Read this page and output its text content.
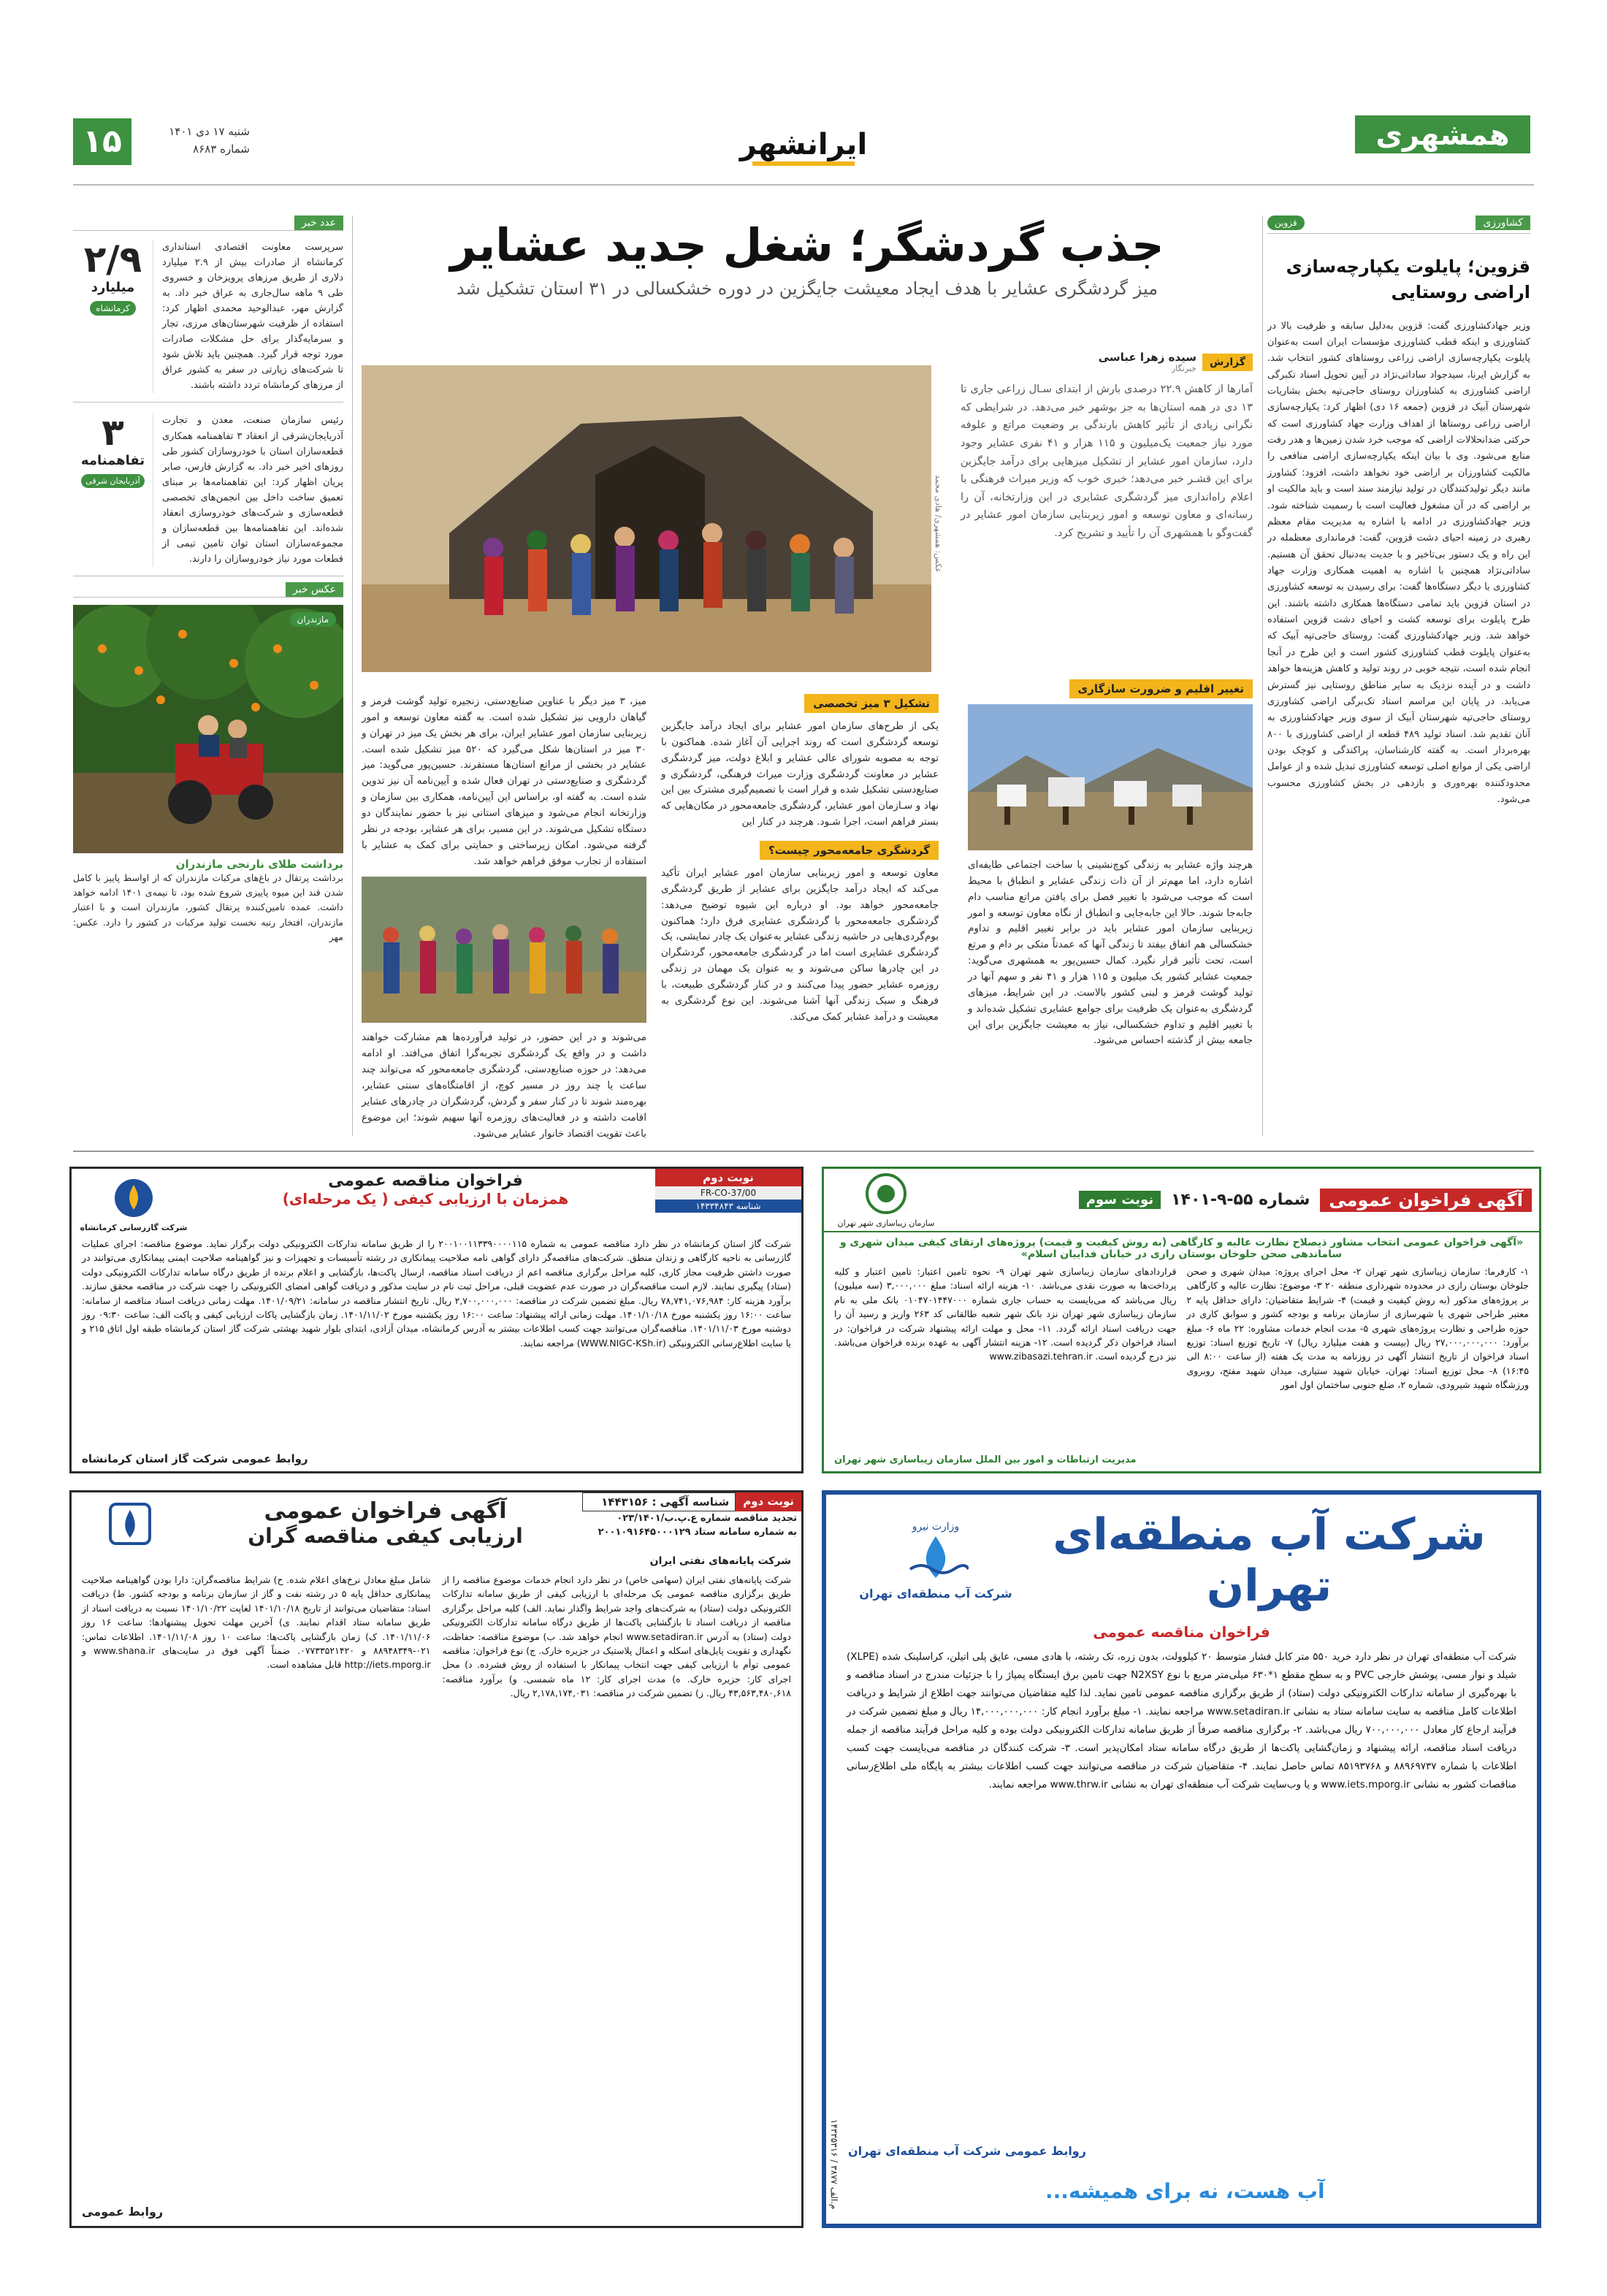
همشهری
ایرانشهر
۱۵	شنبه ۱۷ دی ۱۴۰۱
شماره ۸۶۸۳
کشاورزی
قزوین
قزوین؛ پایلوت یکپارچه‌سازی اراضی روستایی
وزیر جهادکشاورزی گفت: قزوین به‌دلیل سابقه و ظرفیت بالا در کشاورزی و اینکه قطب کشاورزی مؤسسات ایران است به‌عنوان پایلوت یکپارچه‌سازی اراضی زراعی روستاهای کشور انتخاب شد. به گزارش ایرنا، سید‌جواد ساداتی‌نژاد در آیین تحویل اسناد تکبرگی اراضی کشاورزی به کشاورزان روستای حاجی‌تپه بخش بشاریات شهرستان آبیک در قزوین (جمعه ۱۶ دی) اظهار کرد: یکپارچه‌سازی اراضی زراعی روستاها از اهداف وزارت جهاد کشاورزی است که حرکتی ضدانحلالات اراضی که موجب خرد شدن زمین‌ها و هدر رفت منابع می‌شود. وی با بیان اینکه یکپارچه‌سازی اراضی منافعی را مالکیت کشاورزان بر اراضی خود نخواهد داشت، افزود: کشاورز مانند دیگر تولیدکنندگان در تولید نیازمند سند است و باید مالکیت او بر اراضی که در آن مشغول فعالیت است با رسمیت شناخته شود. وزیر جهادکشاورزی در ادامه با اشاره به مدیریت مقام معظم رهبری در زمینه احیای دشت قزوین، گفت: فرمانداری معظمله در این راه و یک دستور بی‌تاخیر و با جدیت به‌دنبال تحقق آن هستیم. ساداتی‌نژاد همچنین با اشاره به اهمیت همکاری وزارت جهاد کشاورزی با دیگر دستگاه‌ها گفت: برای رسیدن به توسعه کشاورزی در استان قزوین باید تمامی دستگاه‌ها همکاری داشته باشند. این طرح پایلوت برای توسعه کشت و احیای دشت قزوین استفاده خواهد شد. وزیر جهادکشاورزی گفت: روستای حاجی‌تپه آبیک که به‌عنوان پایلوت قطب کشاورزی کشور است و این طرح در آنجا انجام شده است، نتیجه خوبی در روند تولید و کاهش هزینه‌ها خواهد داشت و در آینده نزدیک به سایر مناطق روستایی نیز گسترش می‌یابد. در پایان این مراسم اسناد تک‌برگی اراضی کشاورزی روستای حاجی‌تپه شهرستان آبیک از سوی وزیر جهادکشاورزی به آنان تقدیم شد. اسناد تولید ۴۸۹ قطعه از اراضی کشاورزی با ۸۰۰ بهره‌بردار است. به گفته کارشناسان، پراکندگی و کوچک بودن اراضی یکی از موانع اصلی توسعه کشاورزی تبدیل شده و از عوامل محدودکننده بهره‌وری و بازدهی در بخش کشاورزی محسوب می‌شود.
عدد خبر
سرپرست معاونت اقتصادی استانداری کرمانشاه از صادرات بیش از ۲.۹ میلیارد دلاری از طریق مرزهای پرویزخان و خسروی طی ۹ ماهه سال‌جاری به عراق خبر داد. به گزارش مهر، عبدالوحید محمدی اظهار کرد: استفاده از ظرفیت شهرستان‌های مرزی، تجار و سرمایه‌گذار برای حل مشکلات صادرات مورد توجه قرار گیرد. همچنین باید تلاش شود تا شرکت‌های زیارتی در سفر به کشور عراق از مرزهای کرمانشاه تردد داشته باشند.
۲/۹
میلیارد
کرمانشاه
رئیس سازمان صنعت، معدن و تجارت آذربایجان‌شرقی از انعقاد ۳ تفاهمنامه همکاری قطعه‌سازان استان با خودروسازان کشور طی روزهای اخیر خبر داد. به گزارش فارس، صابر پریان اظهار کرد: این تفاهمنامه‌ها بر مبنای تعمیق ساخت داخل بین انجمن‌های تخصصی قطعه‌سازی و شرکت‌های خودروسازی انعقاد شده‌اند. این تفاهمنامه‌ها بین قطعه‌سازان و مجموعه‌سازان استان توان تامین تیمی از قطعات مورد نیاز خودروسازان را دارند.
۳
تفاهمنامه
آذربایجان شرقی
عکس خبر
مازندران
برداشت طلای نارنجی مازندران
برداشت پرتقال در باغ‌های مرکبات مازندران که از اواسط پاییز با کامل شدن قند این میوه پاییزی شروع شده بود، تا نیمه‌ی ۱۴۰۱ ادامه خواهد داشت. عمده تامین‌کننده پرتقال کشور، مازندران است و با اعتبار مازندران، افتخار رتبه نخست تولید مرکبات در کشور را دارد. عکس: مهر
جذب گردشگر؛ شغل جدید عشایر
میز گردشگری عشایر با هدف ایجاد معیشت جایگزین در دوره خشکسالی در ۳۱ استان تشکیل شد
گزارش
سیده زهرا عباسی
خبرنگار
آمارها از کاهش ۲۲.۹ درصدی بارش از ابتدای سـال زراعی جاری تا ۱۳ دی در همه استان‌ها به جز بوشهر خبر می‌دهد. در شرایطی که نگرانی زیادی از تأثیر کاهش بارندگی بر وضعیت مراتع و علوفه مورد نیاز جمعیت یک‌میلیون و ۱۱۵ هزار و ۴۱ نفری عشایر وجود دارد، سازمان امور عشایر از تشکیل میزهایی برای درآمد جایگزین برای این قشـر خبر می‌دهد؛ خبری خوب که وزیر میراث فرهنگی با اعلام راه‌اندازی میز گردشگری عشایری در این وزارتخانه، آن را رسانه‌ای و معاون توسعه و امور زیربنایی سازمان امور عشایر در گفت‌وگو با همشهری آن را تأیید و تشریح کرد.
عکس: همشهری/ هادی محمد
تغییر اقلیم و ضرورت سازگاری
هرچند واژه عشایر به زندگی کوچ‌نشینی با ساخت اجتماعی طایفه‌ای اشاره دارد، اما مهم‌تر از آن ذات زندگی عشایر و انطباق با محیط است که موجب می‌شود با تغییر فصل برای یافتن مراتع مناسب دام جابه‌جا شوند. حالا این جابه‌جایی و انطباق از نگاه معاون توسعه و امور زیربنایی سازمان امور عشایر باید در برابر تغییر اقلیم و تداوم خشکسالی هم اتفاق بیفتد تا زندگی آنها که عمدتاً متکی بر دام و مرتع است، تحت تأثیر قرار نگیرد. کمال حسین‌پور به همشهری می‌گوید: جمعیت عشایر کشور یک میلیون و ۱۱۵ هزار و ۴۱ نفر و سهم آنها در تولید گوشت قرمز و لبنی کشور بالاست. در این شرایط، میزهای گردشگری به‌عنوان یک ظرفیت برای جوامع عشایری تشکیل شده‌اند و با تغییر اقلیم و تداوم خشکسالی، نیاز به معیشت جایگزین برای این جامعه بیش از گذشته احساس می‌شود.
تشکیل ۳ میز تخصصی
یکی از طرح‌های سازمان امور عشایر برای ایجاد درآمد جایگزین توسعه گردشگری است که روند اجرایی آن آغاز شده. هماکنون با توجه به مصوبه شورای عالی عشایر و ابلاغ دولت، میز گردشگری عشایر در معاونت گردشگری وزارت میراث فرهنگی، گردشگری و صنایع‌دستی تشکیل شده و قرار است با تصمیم‌گیری مشترک بین این نهاد و سـازمان امور عشایر، گردشگری جامعه‌محور در مکان‌هایی که بستر فراهم است، اجرا شـود. هرچند در کنار این
گردشگری جامعه‌محور چیست؟
معاون توسعه و امور زیربنایی سازمان امور عشایر ایران تأکید می‌کند که ایجاد درآمد جایگزین برای عشایر از طریق گردشگری جامعه‌محور خواهد بود. او درباره این شیوه توضیح می‌دهد: گردشگری جامعه‌محور با گردشگری عشایری فرق دارد؛ هماکنون بوم‌گردی‌هایی در حاشیه زندگی عشایر به‌عنوان یک چادر نمایشی، یک گردشگری عشایری است اما در گردشگری جامعه‌محور، گردشگران در این چادرها ساکن می‌شوند و به عنوان یک مهمان در زندگی روزمره عشایر حضور پیدا می‌کنند و در کنار گردشگری طبیعت، با فرهنگ و سبک زندگی آنها آشنا می‌شوند. این نوع گردشگری به معیشت و درآمد عشایر کمک می‌کند.
میز، ۳ میز دیگر با عناوین صنایع‌دستی، زنجیره تولید گوشت قرمز و گیاهان دارویی نیز تشکیل شده است. به گفته معاون توسعه و امور زیربنایی سازمان امور عشایر ایران، برای هر بخش یک میز در تهران و ۳۰ میز در استان‌ها شکل می‌گیرد که ۵۲۰ میز تشکیل شده است. عشایر در بخشی از مراتع استان‌ها مستقرند. حسین‌پور می‌گوید: میز گردشگری و صنایع‌دستی در تهران فعال شده و آیین‌نامه آن نیز تدوین شده است. به گفته او، براساس این آیین‌نامه، همکاری بین سازمان و وزارتخانه انجام می‌شود و میزهای استانی نیز با حضور نمایندگان دو دستگاه تشکیل می‌شوند. در این مسیر، برای هر عشایر، بودجه در نظر گرفته می‌شود. امکان زیرساختی و حمایتی برای کمک به عشایر با استفاده از تجارب موفق فراهم خواهد شد.
می‌شوند و در این حضور، در تولید فرآورده‌ها هم مشارکت خواهند داشت و در واقع یک گردشگری تجربه‌گرا اتفاق می‌افتد. او ادامه می‌دهد: در حوزه صنایع‌دستی، گردشگری جامعه‌محور که می‌تواند چند ساعت یا چند روز در مسیر کوچ، از اقامتگاه‌های سنتی عشایر، بهره‌مند شوند تا در کنار سفر و گردش، گردشگران در چادرهای عشایر اقامت داشته و در فعالیت‌های روزمره آنها سهیم شوند؛ این موضوع باعث تقویت اقتصاد خانوار عشایر می‌شود.
نوبت دوم
FR-CO-37/00
شناسه ۱۴۳۳۴۸۴۳
فراخوان مناقصه عمومی
همزمان با ارزیابی کیفی ( یک مرحله‌ای)
شرکت گازرسانی کرمانشاه
شرکت گاز استان کرمانشاه در نظر دارد مناقصه عمومی به شماره ۲۰۰۱۰۰۱۱۳۳۹۰۰۰۰۱۱۵ را از طریق سامانه تدارکات الکترونیکی دولت برگزار نماید. موضوع مناقصه: اجرای عملیات گازرسانی به ناحیه کارگاهی و زندان منطق. شرکت‌های مناقصه‌گر دارای گواهی نامه صلاحیت پیمانکاری در رشته تأسیسات و تجهیزات و نیز گواهینامه صلاحیت ایمنی پیمانکاری می‌توانند در صورت داشتن ظرفیت مجاز کاری، کلیه مراحل برگزاری مناقصه اعم از دریافت اسناد مناقصه، ارسال پاکت‌ها، بازگشایی و اعلام برنده از طریق درگاه سامانه تدارکات الکترونیکی دولت (ستاد) پیگیری نمایند. لازم است مناقصه‌گران در صورت عدم عضویت قبلی، مراحل ثبت نام در سایت مذکور و دریافت گواهی امضای الکترونیکی را جهت شرکت در مناقصه محقق سازند. برآورد هزینه کار: ۷۸,۷۴۱,۰۷۶,۹۸۴ ریال. مبلغ تضمین شرکت در مناقصه: ۲,۷۰۰,۰۰۰,۰۰۰ ریال. تاریخ انتشار مناقصه در سامانه: ۱۴۰۱/۰۹/۲۱. مهلت زمانی دریافت اسناد مناقصه از سامانه: ساعت ۱۶:۰۰ روز یکشنبه مورخ ۱۴۰۱/۱۰/۱۸. مهلت زمانی ارائه پیشنهاد: ساعت ۱۶:۰۰ روز یکشنبه مورخ ۱۴۰۱/۱۱/۰۲. زمان بازگشایی پاکات ارزیابی کیفی و پاکت الف: ساعت ۰۹:۳۰ روز دوشنبه مورخ ۱۴۰۱/۱۱/۰۳. مناقصه‌گران می‌توانند جهت کسب اطلاعات بیشتر به آدرس کرمانشاه، میدان آزادی، ابتدای بلوار شهید بهشتی شرکت گاز استان کرمانشاه طبقه اول اتاق ۲۱۵ و یا سایت اطلاع‌رسانی الکترونیکی (WWW.NIGC-KSh.ir) مراجعه نمایند.
روابط عمومی شرکت گاز استان کرمانشاه
آگهی فراخوان عمومی
شماره ۵۵-۹-۱۴۰۱
نوبت سوم
سازمان زیباسازی شهر تهران
«آگهی فراخوان عمومی انتخاب مشاور ذیصلاح نظارت عالیه و کارگاهی (به روش کیفیت و قیمت) پروژه‌های ارتقای کیفی میدان شهری و ساماندهی صحن جلوخان بوستان رازی در خیابان فداییان اسلام»
۱- کارفرما: سازمان زیباسازی شهر تهران ۲- محل اجرای پروژه: میدان شهری و صحن جلوخان بوستان رازی در محدوده شهرداری منطقه ۲۰ ۳- موضوع: نظارت عالیه و کارگاهی بر پروژه‌های مذکور (به روش کیفیت و قیمت) ۴- شرایط متقاضیان: دارای حداقل پایه ۲ معتبر طراحی شهری یا شهرسازی از سازمان برنامه و بودجه کشور و سوابق کاری در حوزه طراحی و نظارت پروژه‌های شهری ۵- مدت انجام خدمات مشاوره: ۲۲ ماه ۶- مبلغ برآورد: ۲۷,۰۰۰,۰۰۰,۰۰۰ ریال (بیست و هفت میلیارد ریال) ۷- تاریخ توزیع اسناد: توزیع اسناد فراخوان از تاریخ انتشار آگهی در روزنامه به مدت یک هفته (از ساعت ۸:۰۰ الی ۱۶:۴۵) ۸- محل توزیع اسناد: تهران، خیابان شهید ستیاری، میدان شهید مفتح، روبروی ورزشگاه شهید شیرودی، شماره ۲، ضلع جنوبی ساختمان اول امور
قراردادهای سازمان زیباسازی شهر تهران ۹- نحوه تامین اعتبار: تامین اعتبار و کلیه پرداخت‌ها به صورت نقدی می‌باشد. ۱۰- هزینه ارائه اسناد: مبلغ ۳,۰۰۰,۰۰۰ (سه میلیون) ریال می‌باشد که می‌بایست به حساب جاری شماره ۰۱۰۴۷۰۱۴۴۷۰۰۰ بانک ملی به نام سازمان زیباسازی شهر تهران نزد بانک شهر شعبه طالقانی کد ۲۶۳ واریز و رسید آن را جهت دریافت اسناد ارائه گردد. ۱۱- محل و مهلت ارائه پیشنهاد شرکت در فراخوان: در اسناد فراخوان ذکر گردیده است. ۱۲- هزینه انتشار آگهی به عهده برنده فراخوان می‌باشد. نیز درج گردیده است. www.zibasazi.tehran.ir
مدیریت ارتباطات و امور بین الملل سازمان زیباسازی شهر تهران
نوبت دوم
شناسه آگهی : ۱۴۴۳۱۵۶
تجدید مناقصه شماره ع.پ.ب/۰۲۳/۱۴۰۱
به شماره سامانه ستاد ۲۰۰۱۰۹۱۶۴۵۰۰۰۱۲۹
آگهی فراخوان عمومی
ارزیابی کیفی مناقصه گران
شرکت پایانه‌های نفتی ایران
شرکت پایانه‌های نفتی ایران (سهامی خاص) در نظر دارد انجام خدمات موضوع مناقصه را از طریق برگزاری مناقصه عمومی یک مرحله‌ای با ارزیابی کیفی از طریق سامانه تدارکات الکترونیکی دولت (ستاد) به شرکت‌های واجد شرایط واگذار نماید. الف) کلیه مراحل برگزاری مناقصه از دریافت اسناد تا بازگشایی پاکت‌ها از طریق درگاه سامانه تدارکات الکترونیکی دولت (ستاد) به آدرس www.setadiran.ir انجام خواهد شد. ب) موضوع مناقصه: حفاظت، نگهداری و تقویت پایل‌های اسکله و اعمال پلاستیک در جزیره خارک. ج) نوع فراخوان: مناقصه عمومی توأم با ارزیابی کیفی جهت انتخاب پیمانکار با استفاده از روش فشرده. د) محل اجرای کار: جزیره خارک. ه) مدت اجرای کار: ۱۲ ماه شمسی. و) برآورد مناقصه: ۴۳,۵۶۳,۴۸۰,۶۱۸ ریال. ز) تضمین شرکت در مناقصه: ۲,۱۷۸,۱۷۴,۰۳۱ ریال.
شامل مبلغ معادل نرخ‌های اعلام شده. ح) شرایط مناقصه‌گران: دارا بودن گواهینامه صلاحیت پیمانکاری حداقل پایه ۵ در رشته نفت و گاز از سازمان برنامه و بودجه کشور. ط) دریافت اسناد: متقاضیان می‌توانند از تاریخ ۱۴۰۱/۱۰/۱۸ لغایت ۱۴۰۱/۱۰/۲۲ نسبت به دریافت اسناد از طریق سامانه ستاد اقدام نمایند. ی) آخرین مهلت تحویل پیشنهادها: ساعت ۱۶ روز ۱۴۰۱/۱۱/۰۶. ک) زمان بازگشایی پاکت‌ها: ساعت ۱۰ روز ۱۴۰۱/۱۱/۰۸. اطلاعات تماس: ۰۲۱-۸۸۹۴۸۳۴۹ و ۰۷۷۳۳۵۲۱۴۲۰. ضمناً آگهی فوق در سایت‌های www.shana.ir و http://iets.mporg.ir قابل مشاهده است.
روابط عمومی
شرکت آب منطقه‌ای تهران
وزارت نیرو
شرکت آب منطقه‌ای تهران
فراخوان مناقصه عمومی
شرکت آب منطقه‌ای تهران در نظر دارد خرید ۵۵۰ متر کابل فشار متوسط ۲۰ کیلوولت، بدون زره، تک رشته، با هادی مسی، عایق پلی اتیلن، کراسلینک شده (XLPE) شیلد و نوار مسی، پوشش خارجی PVC و به سطح مقطع ۱*۶۳۰ میلی‌متر مربع با نوع N2XSY جهت تامین برق ایستگاه پمپاژ را با جزئیات مندرج در اسناد مناقصه و با بهره‌گیری از سامانه تدارکات الکترونیکی دولت (ستاد) از طریق برگزاری مناقصه عمومی تامین نماید. لذا کلیه متقاضیان می‌توانند جهت اطلاع از شرایط و دریافت اطلاعات کامل مناقصه به سایت سامانه ستاد به نشانی www.setadiran.ir مراجعه نمایند. ۱- مبلغ برآورد انجام کار: ۱۴,۰۰۰,۰۰۰,۰۰۰ ریال و مبلغ تضمین شرکت در فرآیند ارجاع کار معادل ۷۰۰,۰۰۰,۰۰۰ ریال می‌باشد. ۲- برگزاری مناقصه صرفاً از طریق سامانه تدارکات الکترونیکی دولت بوده و کلیه مراحل فرآیند مناقصه از جمله دریافت اسناد مناقصه، ارائه پیشنهاد و زمان‌گشایی پاکت‌ها از طریق درگاه سامانه ستاد امکان‌پذیر است. ۳- شرکت کنندگان در مناقصه می‌بایست جهت کسب اطلاعات با شماره ۸۸۹۶۹۷۳۷ و ۸۵۱۹۳۷۶۸ تماس حاصل نمایند. ۴- متقاضیان شرکت در مناقصه می‌توانند جهت کسب اطلاعات بیشتر به پایگاه ملی اطلاع‌رسانی مناقصات کشور به نشانی www.iets.mporg.ir و یا وب‌سایت شرکت آب منطقه‌ای تهران به نشانی www.thrw.ir مراجعه نمایند.
روابط عمومی شرکت آب منطقه‌ای تهران
آب هست، نه برای همیشه...
م.الف ۳۸۷۷ / ۱۴۳۳۵۳۱۶
